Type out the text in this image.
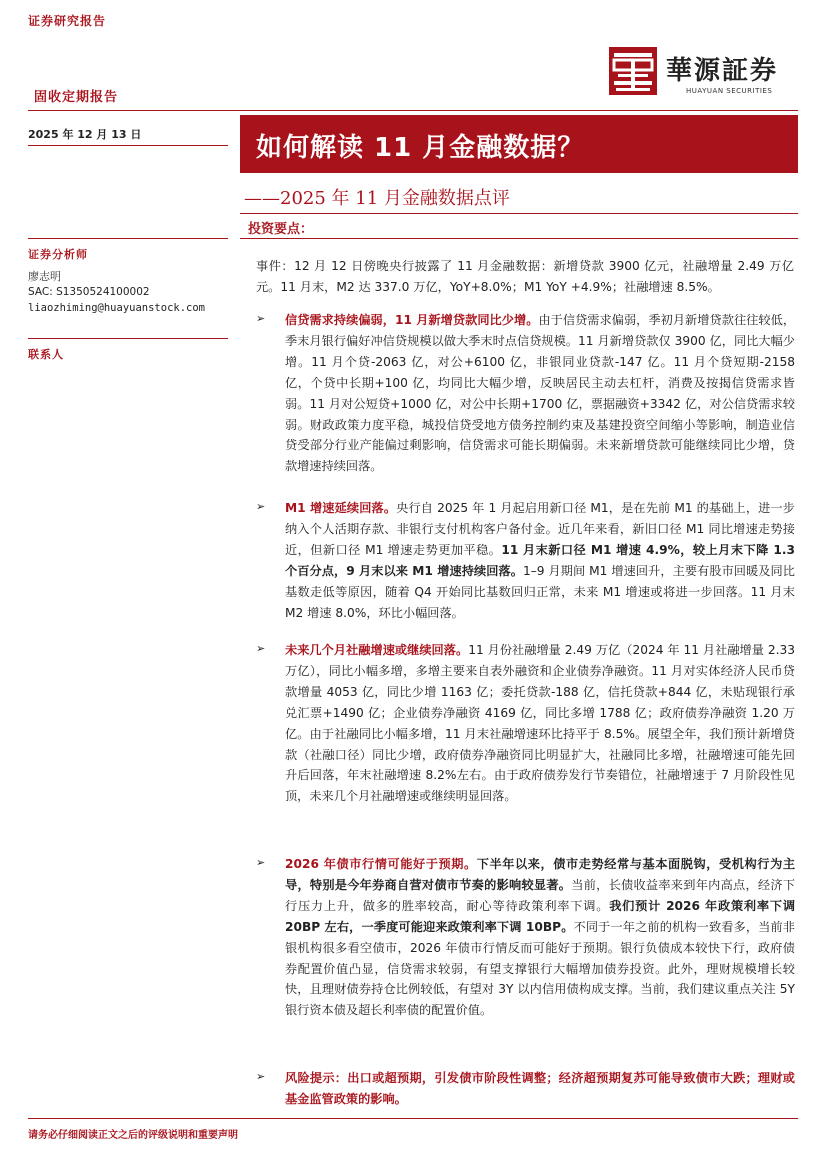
证券研究报告
華源証券
HUAYUAN SECURITIES
固收定期报告
2025 年 12 月 13 日	如何解读 11 月金融数据？
——2025 年 11 月金融数据点评
投资要点：
证券分析师
廖志明
SAC: S1350524100002
liaozhiming@huayuanstock.com
联系人
事件：12 月 12 日傍晚央行披露了 11 月金融数据：新增贷款 3900 亿元，社融增量 2.49 万亿元。11 月末，M2 达 337.0 万亿，YoY+8.0%；M1 YoY +4.9%；社融增速 8.5%。
➢ 信贷需求持续偏弱，11 月新增贷款同比少增。由于信贷需求偏弱，季初月新增贷款往往较低，季末月银行偏好冲信贷规模以做大季末时点信贷规模。11 月新增贷款仅 3900 亿，同比大幅少增。11 月个贷-2063 亿，对公+6100 亿，非银同业贷款-147 亿。11 月个贷短期-2158 亿，个贷中长期+100 亿，均同比大幅少增，反映居民主动去杠杆，消费及按揭信贷需求皆弱。11 月对公短贷+1000 亿，对公中长期+1700 亿，票据融资+3342 亿，对公信贷需求较弱。财政政策力度平稳，城投信贷受地方债务控制约束及基建投资空间缩小等影响，制造业信贷受部分行业产能偏过剩影响，信贷需求可能长期偏弱。未来新增贷款可能继续同比少增，贷款增速持续回落。
➢ M1 增速延续回落。央行自 2025 年 1 月起启用新口径 M1，是在先前 M1 的基础上，进一步纳入个人活期存款、非银行支付机构客户备付金。近几年来看，新旧口径 M1 同比增速走势接近，但新口径 M1 增速走势更加平稳。11 月末新口径 M1 增速 4.9%，较上月末下降 1.3 个百分点，9 月末以来 M1 增速持续回落。1–9 月期间 M1 增速回升，主要有股市回暖及同比基数走低等原因，随着 Q4 开始同比基数回归正常，未来 M1 增速或将进一步回落。11 月末 M2 增速 8.0%，环比小幅回落。
➢ 未来几个月社融增速或继续回落。11 月份社融增量 2.49 万亿（2024 年 11 月社融增量 2.33 万亿），同比小幅多增，多增主要来自表外融资和企业债券净融资。11 月对实体经济人民币贷款增量 4053 亿，同比少增 1163 亿；委托贷款-188 亿，信托贷款+844 亿，未贴现银行承兑汇票+1490 亿；企业债券净融资 4169 亿，同比多增 1788 亿；政府债券净融资 1.20 万亿。由于社融同比小幅多增，11 月末社融增速环比持平于 8.5%。展望全年，我们预计新增贷款（社融口径）同比少增，政府债券净融资同比明显扩大，社融同比多增，社融增速可能先回升后回落，年末社融增速 8.2%左右。由于政府债券发行节奏错位，社融增速于 7 月阶段性见顶，未来几个月社融增速或继续明显回落。
➢ 2026 年债市行情可能好于预期。下半年以来，债市走势经常与基本面脱钩，受机构行为主导，特别是今年券商自营对债市节奏的影响较显著。当前，长债收益率来到年内高点，经济下行压力上升，做多的胜率较高，耐心等待政策利率下调。我们预计 2026 年政策利率下调 20BP 左右，一季度可能迎来政策利率下调 10BP。不同于一年之前的机构一致看多，当前非银机构很多看空债市，2026 年债市行情反而可能好于预期。银行负债成本较快下行，政府债券配置价值凸显，信贷需求较弱，有望支撑银行大幅增加债券投资。此外，理财规模增长较快，且理财债券持仓比例较低，有望对 3Y 以内信用债构成支撑。当前，我们建议重点关注 5Y 银行资本债及超长利率债的配置价值。
➢ 风险提示：出口或超预期，引发债市阶段性调整；经济超预期复苏可能导致债市大跌；理财或基金监管政策的影响。
请务必仔细阅读正文之后的评级说明和重要声明
